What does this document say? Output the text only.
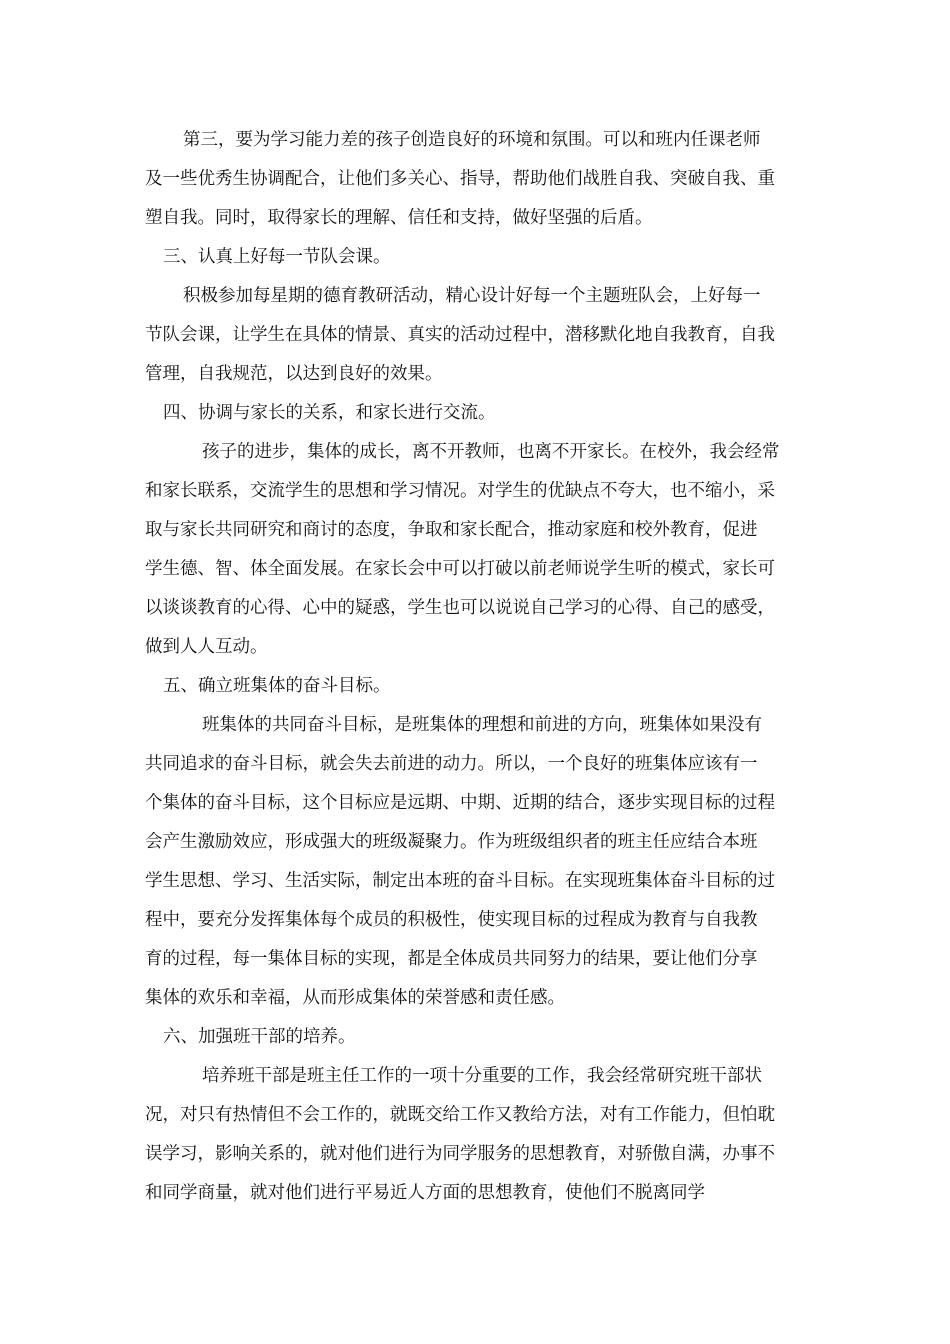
第三，要为学习能力差的孩子创造良好的环境和氛围。可以和班内任课老师
及一些优秀生协调配合，让他们多关心、指导，帮助他们战胜自我、突破自我、重
塑自我。同时，取得家长的理解、信任和支持，做好坚强的后盾。
三、认真上好每一节队会课。
积极参加每星期的德育教研活动，精心设计好每一个主题班队会，上好每一
节队会课，让学生在具体的情景、真实的活动过程中，潜移默化地自我教育，自我
管理，自我规范，以达到良好的效果。
四、协调与家长的关系，和家长进行交流。
孩子的进步，集体的成长，离不开教师，也离不开家长。在校外，我会经常
和家长联系，交流学生的思想和学习情况。对学生的优缺点不夸大，也不缩小，采
取与家长共同研究和商讨的态度，争取和家长配合，推动家庭和校外教育，促进
学生德、智、体全面发展。在家长会中可以打破以前老师说学生听的模式，家长可
以谈谈教育的心得、心中的疑惑，学生也可以说说自己学习的心得、自己的感受，
做到人人互动。
五、确立班集体的奋斗目标。
班集体的共同奋斗目标，是班集体的理想和前进的方向，班集体如果没有
共同追求的奋斗目标，就会失去前进的动力。所以，一个良好的班集体应该有一
个集体的奋斗目标，这个目标应是远期、中期、近期的结合，逐步实现目标的过程
会产生激励效应，形成强大的班级凝聚力。作为班级组织者的班主任应结合本班
学生思想、学习、生活实际，制定出本班的奋斗目标。在实现班集体奋斗目标的过
程中，要充分发挥集体每个成员的积极性，使实现目标的过程成为教育与自我教
育的过程，每一集体目标的实现，都是全体成员共同努力的结果，要让他们分享
集体的欢乐和幸福，从而形成集体的荣誉感和责任感。
六、加强班干部的培养。
培养班干部是班主任工作的一项十分重要的工作，我会经常研究班干部状
况，对只有热情但不会工作的，就既交给工作又教给方法，对有工作能力，但怕耽
误学习，影响关系的，就对他们进行为同学服务的思想教育，对骄傲自满，办事不
和同学商量，就对他们进行平易近人方面的思想教育，使他们不脱离同学
